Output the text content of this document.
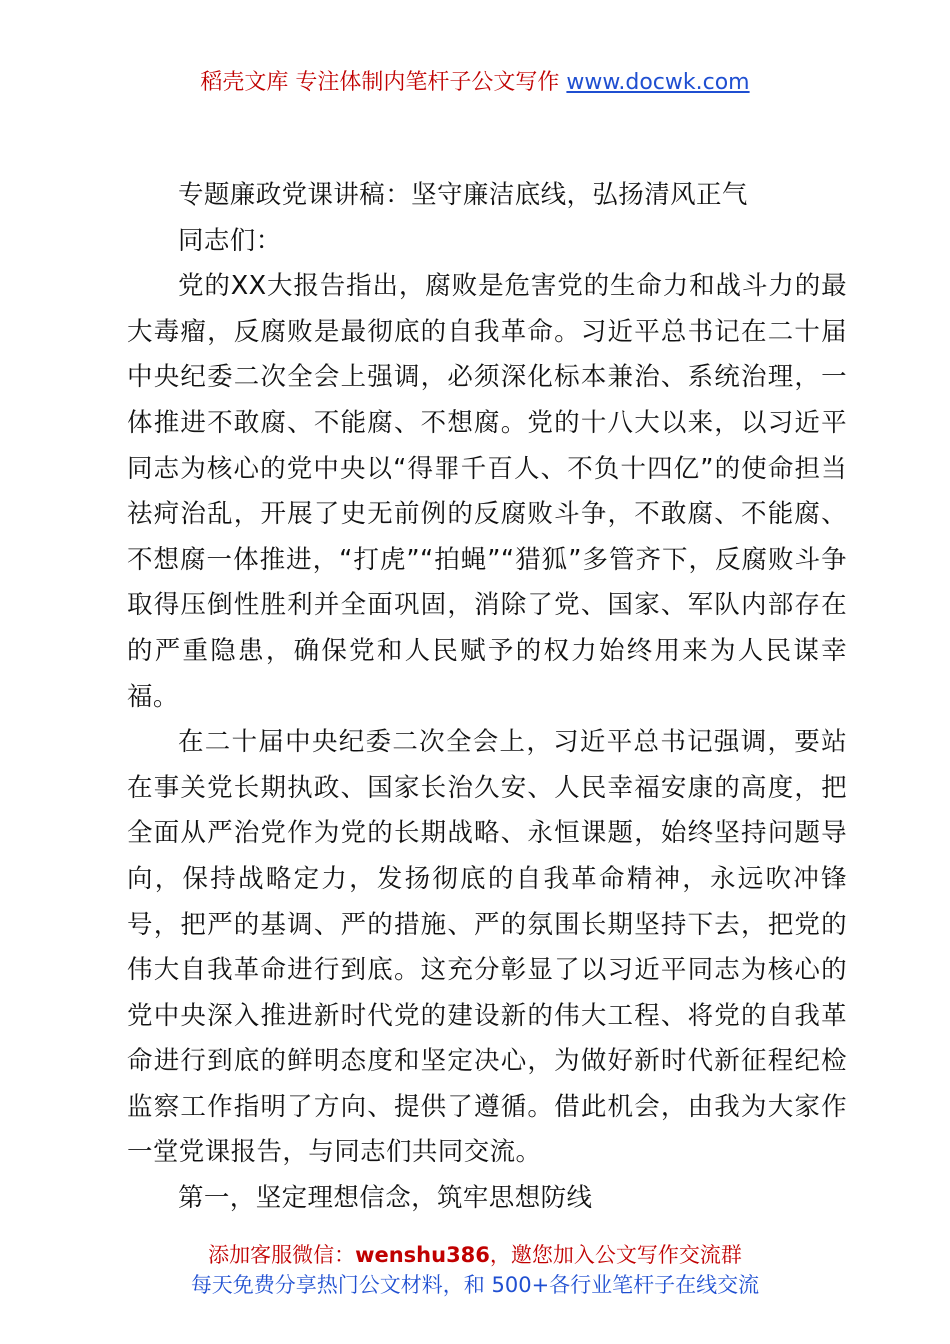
稻壳文库 专注体制内笔杆子公文写作 www.docwk.com

专题廉政党课讲稿：坚守廉洁底线，弘扬清风正气

同志们：

党的XX大报告指出，腐败是危害党的生命力和战斗力的最大毒瘤，反腐败是最彻底的自我革命。习近平总书记在二十届中央纪委二次全会上强调，必须深化标本兼治、系统治理，一体推进不敢腐、不能腐、不想腐。党的十八大以来，以习近平同志为核心的党中央以“得罪千百人、不负十四亿”的使命担当祛疴治乱，开展了史无前例的反腐败斗争，不敢腐、不能腐、不想腐一体推进，“打虎”“拍蝇”“猎狐”多管齐下，反腐败斗争取得压倒性胜利并全面巩固，消除了党、国家、军队内部存在的严重隐患，确保党和人民赋予的权力始终用来为人民谋幸福。

在二十届中央纪委二次全会上，习近平总书记强调，要站在事关党长期执政、国家长治久安、人民幸福安康的高度，把全面从严治党作为党的长期战略、永恒课题，始终坚持问题导向，保持战略定力，发扬彻底的自我革命精神，永远吹冲锋号，把严的基调、严的措施、严的氛围长期坚持下去，把党的伟大自我革命进行到底。这充分彰显了以习近平同志为核心的党中央深入推进新时代党的建设新的伟大工程、将党的自我革命进行到底的鲜明态度和坚定决心，为做好新时代新征程纪检监察工作指明了方向、提供了遵循。借此机会，由我为大家作一堂党课报告，与同志们共同交流。

第一，坚定理想信念，筑牢思想防线

添加客服微信：wenshu386，邀您加入公文写作交流群
每天免费分享热门公文材料，和 500+各行业笔杆子在线交流
